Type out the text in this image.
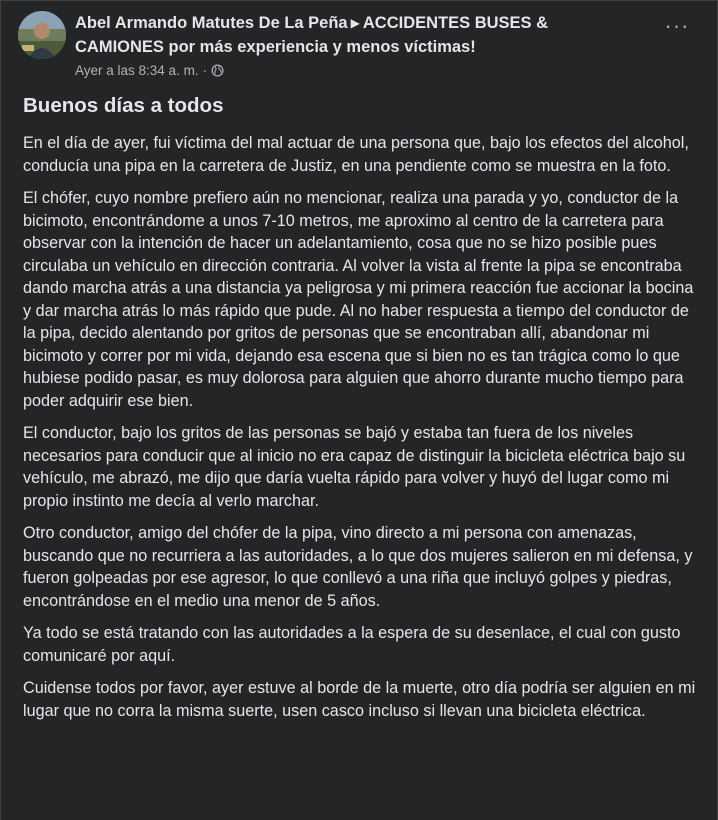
Abel Armando Matutes De La Peña ▶ ACCIDENTES BUSES & CAMIONES por más experiencia y menos víctimas!
Ayer a las 8:34 a. m. ·
···
Buenos días a todos

En el día de ayer, fui víctima del mal actuar de una persona que, bajo los efectos del alcohol, conducía una pipa en la carretera de Justiz, en una pendiente como se muestra en la foto.

El chófer, cuyo nombre prefiero aún no mencionar, realiza una parada y yo, conductor de la bicimoto, encontrándome a unos 7-10 metros, me aproximo al centro de la carretera para observar con la intención de hacer un adelantamiento, cosa que no se hizo posible pues circulaba un vehículo en dirección contraria. Al volver la vista al frente la pipa se encontraba dando marcha atrás a una distancia ya peligrosa y mi primera reacción fue accionar la bocina y dar marcha atrás lo más rápido que pude. Al no haber respuesta a tiempo del conductor de la pipa, decido alentando por gritos de personas que se encontraban allí, abandonar mi bicimoto y correr por mi vida, dejando esa escena que si bien no es tan trágica como lo que hubiese podido pasar, es muy dolorosa para alguien que ahorro durante mucho tiempo para poder adquirir ese bien.

El conductor, bajo los gritos de las personas se bajó y estaba tan fuera de los niveles necesarios para conducir que al inicio no era capaz de distinguir la bicicleta eléctrica bajo su vehículo, me abrazó, me dijo que daría vuelta rápido para volver y huyó del lugar como mi propio instinto me decía al verlo marchar.

Otro conductor, amigo del chófer de la pipa, vino directo a mi persona con amenazas, buscando que no recurriera a las autoridades, a lo que dos mujeres salieron en mi defensa, y fueron golpeadas por ese agresor, lo que conllevó a una riña que incluyó golpes y piedras, encontrándose en el medio una menor de 5 años.

Ya todo se está tratando con las autoridades a la espera de su desenlace, el cual con gusto comunicaré por aquí.

Cuidense todos por favor, ayer estuve al borde de la muerte, otro día podría ser alguien en mi lugar que no corra la misma suerte, usen casco incluso si llevan una bicicleta eléctrica.
